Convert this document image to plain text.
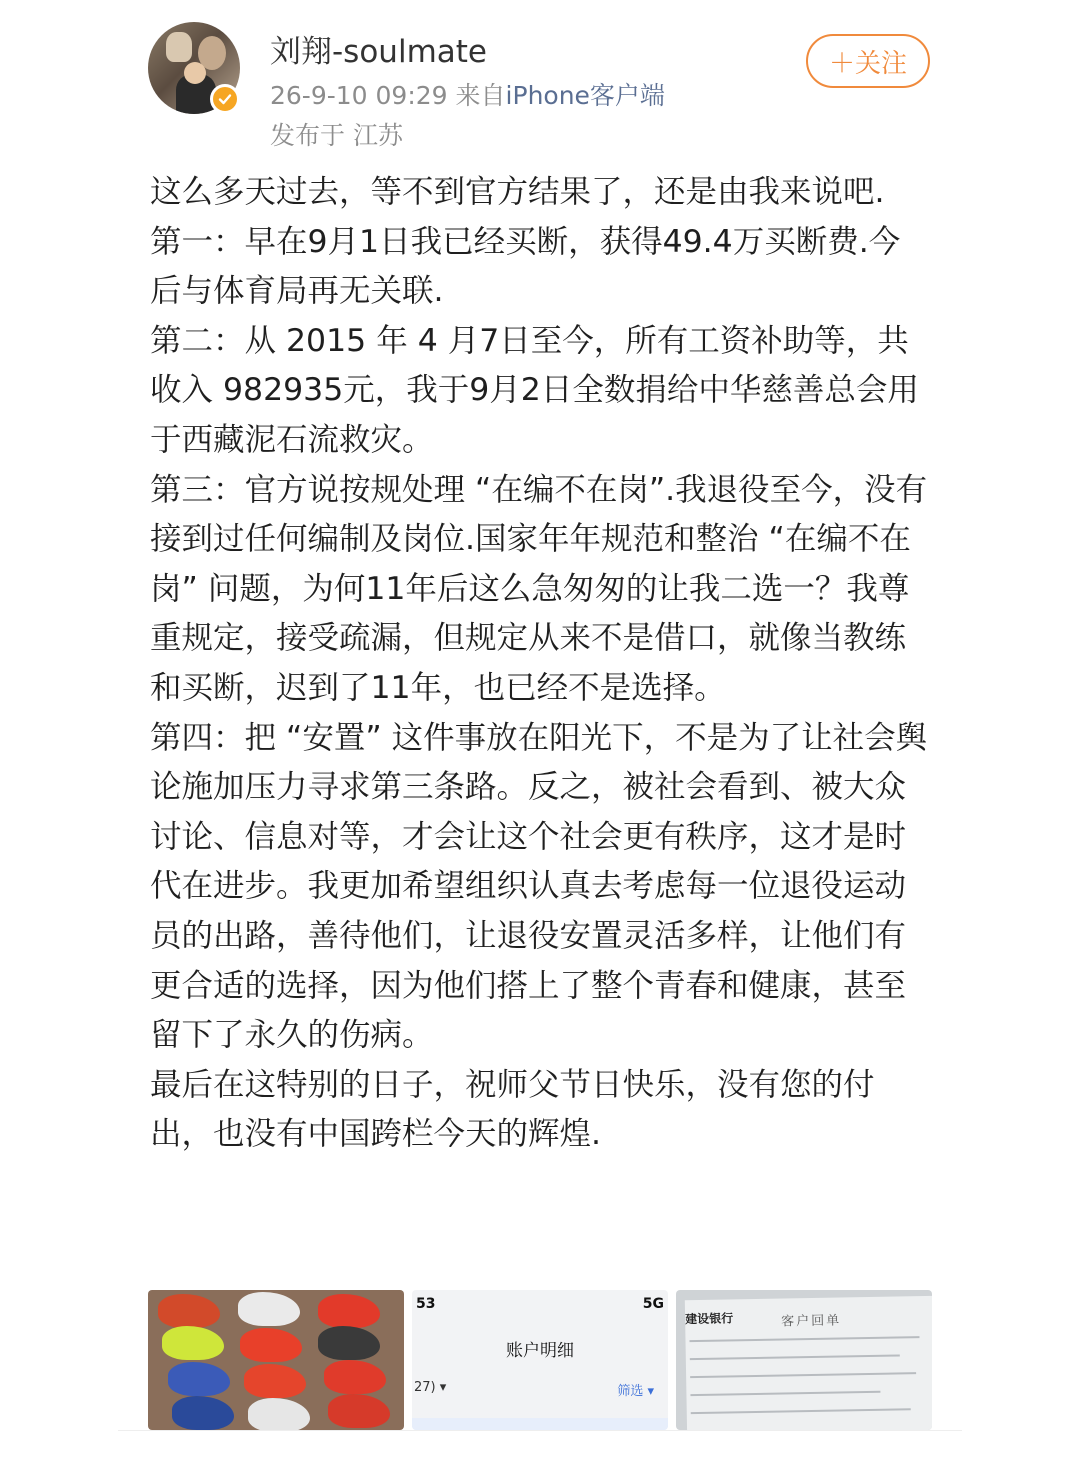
刘翔-soulmate
26-9-10 09:29 来自iPhone客户端
发布于 江苏
＋关注

这么多天过去，等不到官方结果了，还是由我来说吧.

第一：早在9月1日我已经买断，获得49.4万买断费.今后与体育局再无关联.

第二：从 2015 年 4 月7日至今，所有工资补助等，共收入 982935元，我于9月2日全数捐给中华慈善总会用于西藏泥石流救灾。

第三：官方说按规处理 “在编不在岗”.我退役至今，没有接到过任何编制及岗位.国家年年规范和整治 “在编不在岗” 问题，为何11年后这么急匆匆的让我二选一？我尊重规定，接受疏漏，但规定从来不是借口，就像当教练和买断，迟到了11年，也已经不是选择。

第四：把 “安置” 这件事放在阳光下，不是为了让社会舆论施加压力寻求第三条路。反之，被社会看到、被大众讨论、信息对等，才会让这个社会更有秩序，这才是时代在进步。我更加希望组织认真去考虑每一位退役运动员的出路，善待他们，让退役安置灵活多样，让他们有更合适的选择，因为他们搭上了整个青春和健康，甚至留下了永久的伤病。

最后在这特别的日子，祝师父节日快乐，没有您的付出，也没有中国跨栏今天的辉煌.

53	5G
账户明细
27) ▾	筛选 ▾
建设银行	客户回单
